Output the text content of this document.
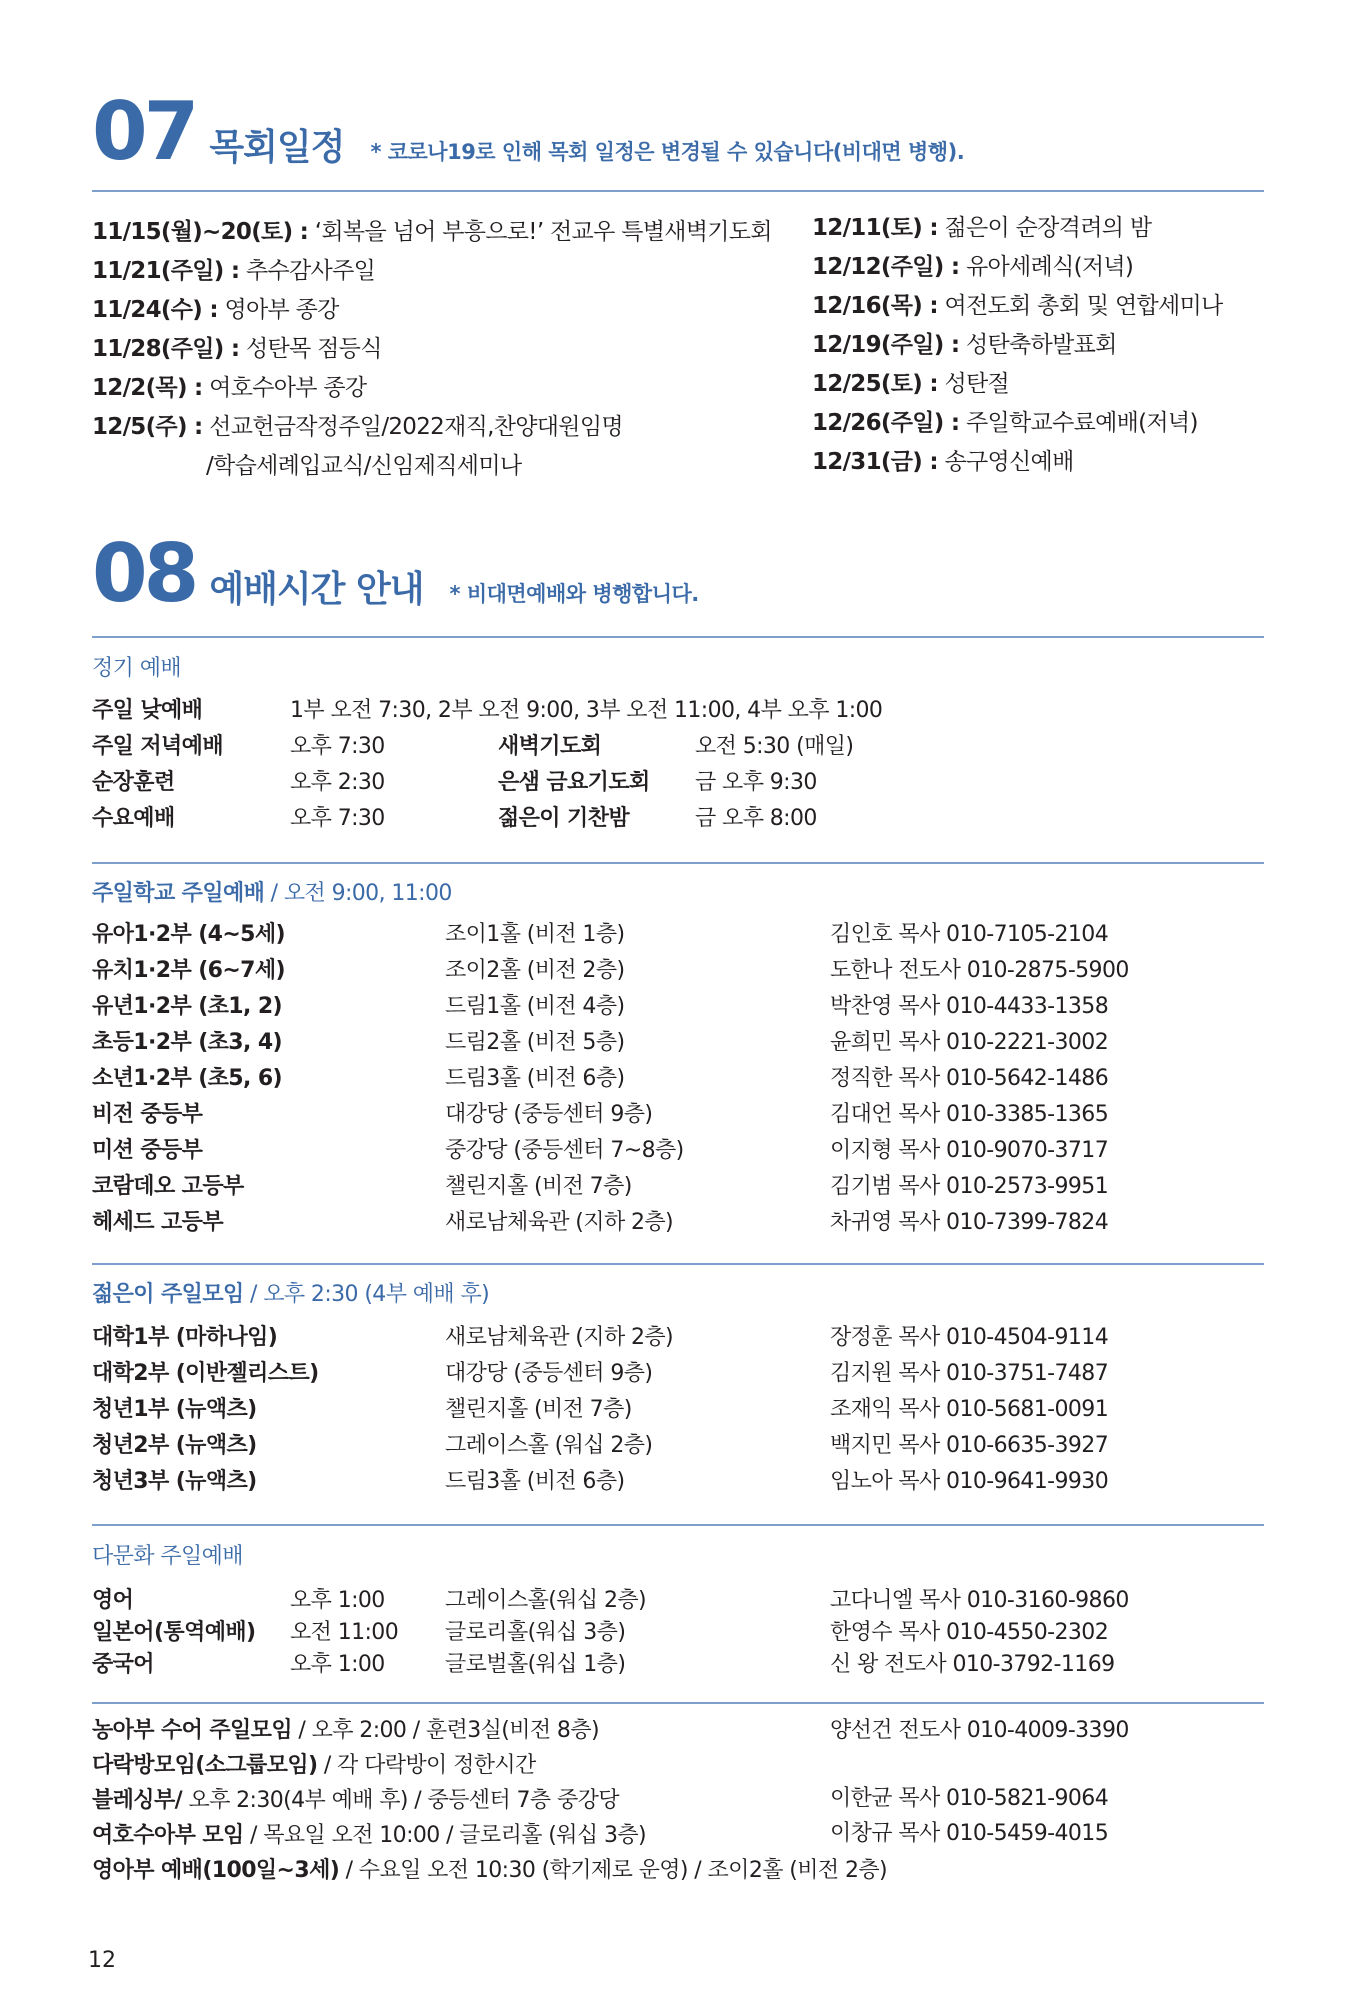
07 목회일정 * 코로나19로 인해 목회 일정은 변경될 수 있습니다(비대면 병행).
11/15(월)~20(토) : ‘회복을 넘어 부흥으로!’ 전교우 특별새벽기도회
11/21(주일) : 추수감사주일
11/24(수) : 영아부 종강
11/28(주일) : 성탄목 점등식
12/2(목) : 여호수아부 종강
12/5(주) : 선교헌금작정주일/2022재직,찬양대원임명
/학습세례입교식/신임제직세미나
12/11(토) : 젊은이 순장격려의 밤
12/12(주일) : 유아세례식(저녁)
12/16(목) : 여전도회 총회 및 연합세미나
12/19(주일) : 성탄축하발표회
12/25(토) : 성탄절
12/26(주일) : 주일학교수료예배(저녁)
12/31(금) : 송구영신예배
08 예배시간 안내 * 비대면예배와 병행합니다.
정기 예배
주일 낮예배	1부 오전 7:30, 2부 오전 9:00, 3부 오전 11:00, 4부 오후 1:00
주일 저녁예배	오후 7:30	새벽기도회	오전 5:30 (매일)
순장훈련	오후 2:30	은샘 금요기도회 금 오후 9:30
수요예배	오후 7:30	젊은이 기찬밤	금 오후 8:00
주일학교 주일예배 / 오전 9:00, 11:00
유아1·2부 (4~5세)	조이1홀 (비전 1층)	김인호 목사 010-7105-2104
유치1·2부 (6~7세)	조이2홀 (비전 2층)	도한나 전도사 010-2875-5900
유년1·2부 (초1, 2)	드림1홀 (비전 4층)	박찬영 목사 010-4433-1358
초등1·2부 (초3, 4)	드림2홀 (비전 5층)	윤희민 목사 010-2221-3002
소년1·2부 (초5, 6)	드림3홀 (비전 6층)	정직한 목사 010-5642-1486
비전 중등부	대강당 (중등센터 9층)	김대언 목사 010-3385-1365
미션 중등부	중강당 (중등센터 7~8층)	이지형 목사 010-9070-3717
코람데오 고등부	챌린지홀 (비전 7층)	김기범 목사 010-2573-9951
헤세드 고등부	새로남체육관 (지하 2층)	차귀영 목사 010-7399-7824
젊은이 주일모임 / 오후 2:30 (4부 예배 후)
대학1부 (마하나임)	새로남체육관 (지하 2층)	장정훈 목사 010-4504-9114
대학2부 (이반젤리스트)	대강당 (중등센터 9층)	김지원 목사 010-3751-7487
청년1부 (뉴액츠)	챌린지홀 (비전 7층)	조재익 목사 010-5681-0091
청년2부 (뉴액츠)	그레이스홀 (워십 2층)	백지민 목사 010-6635-3927
청년3부 (뉴액츠)	드림3홀 (비전 6층)	임노아 목사 010-9641-9930
다문화 주일예배
영어	오후 1:00	그레이스홀(워십 2층)	고다니엘 목사 010-3160-9860
일본어(통역예배) 오전 11:00 글로리홀(워십 3층)	한영수 목사 010-4550-2302
중국어	오후 1:00	글로벌홀(워십 1층)	신 왕 전도사 010-3792-1169
농아부 수어 주일모임 / 오후 2:00 / 훈련3실(비전 8층)	양선건 전도사 010-4009-3390
다락방모임(소그룹모임) / 각 다락방이 정한시간
블레싱부/ 오후 2:30(4부 예배 후) / 중등센터 7층 중강당	이한균 목사 010-5821-9064
여호수아부 모임 / 목요일 오전 10:00 / 글로리홀 (워십 3층)	이창규 목사 010-5459-4015
영아부 예배(100일~3세) / 수요일 오전 10:30 (학기제로 운영) / 조이2홀 (비전 2층)
12
